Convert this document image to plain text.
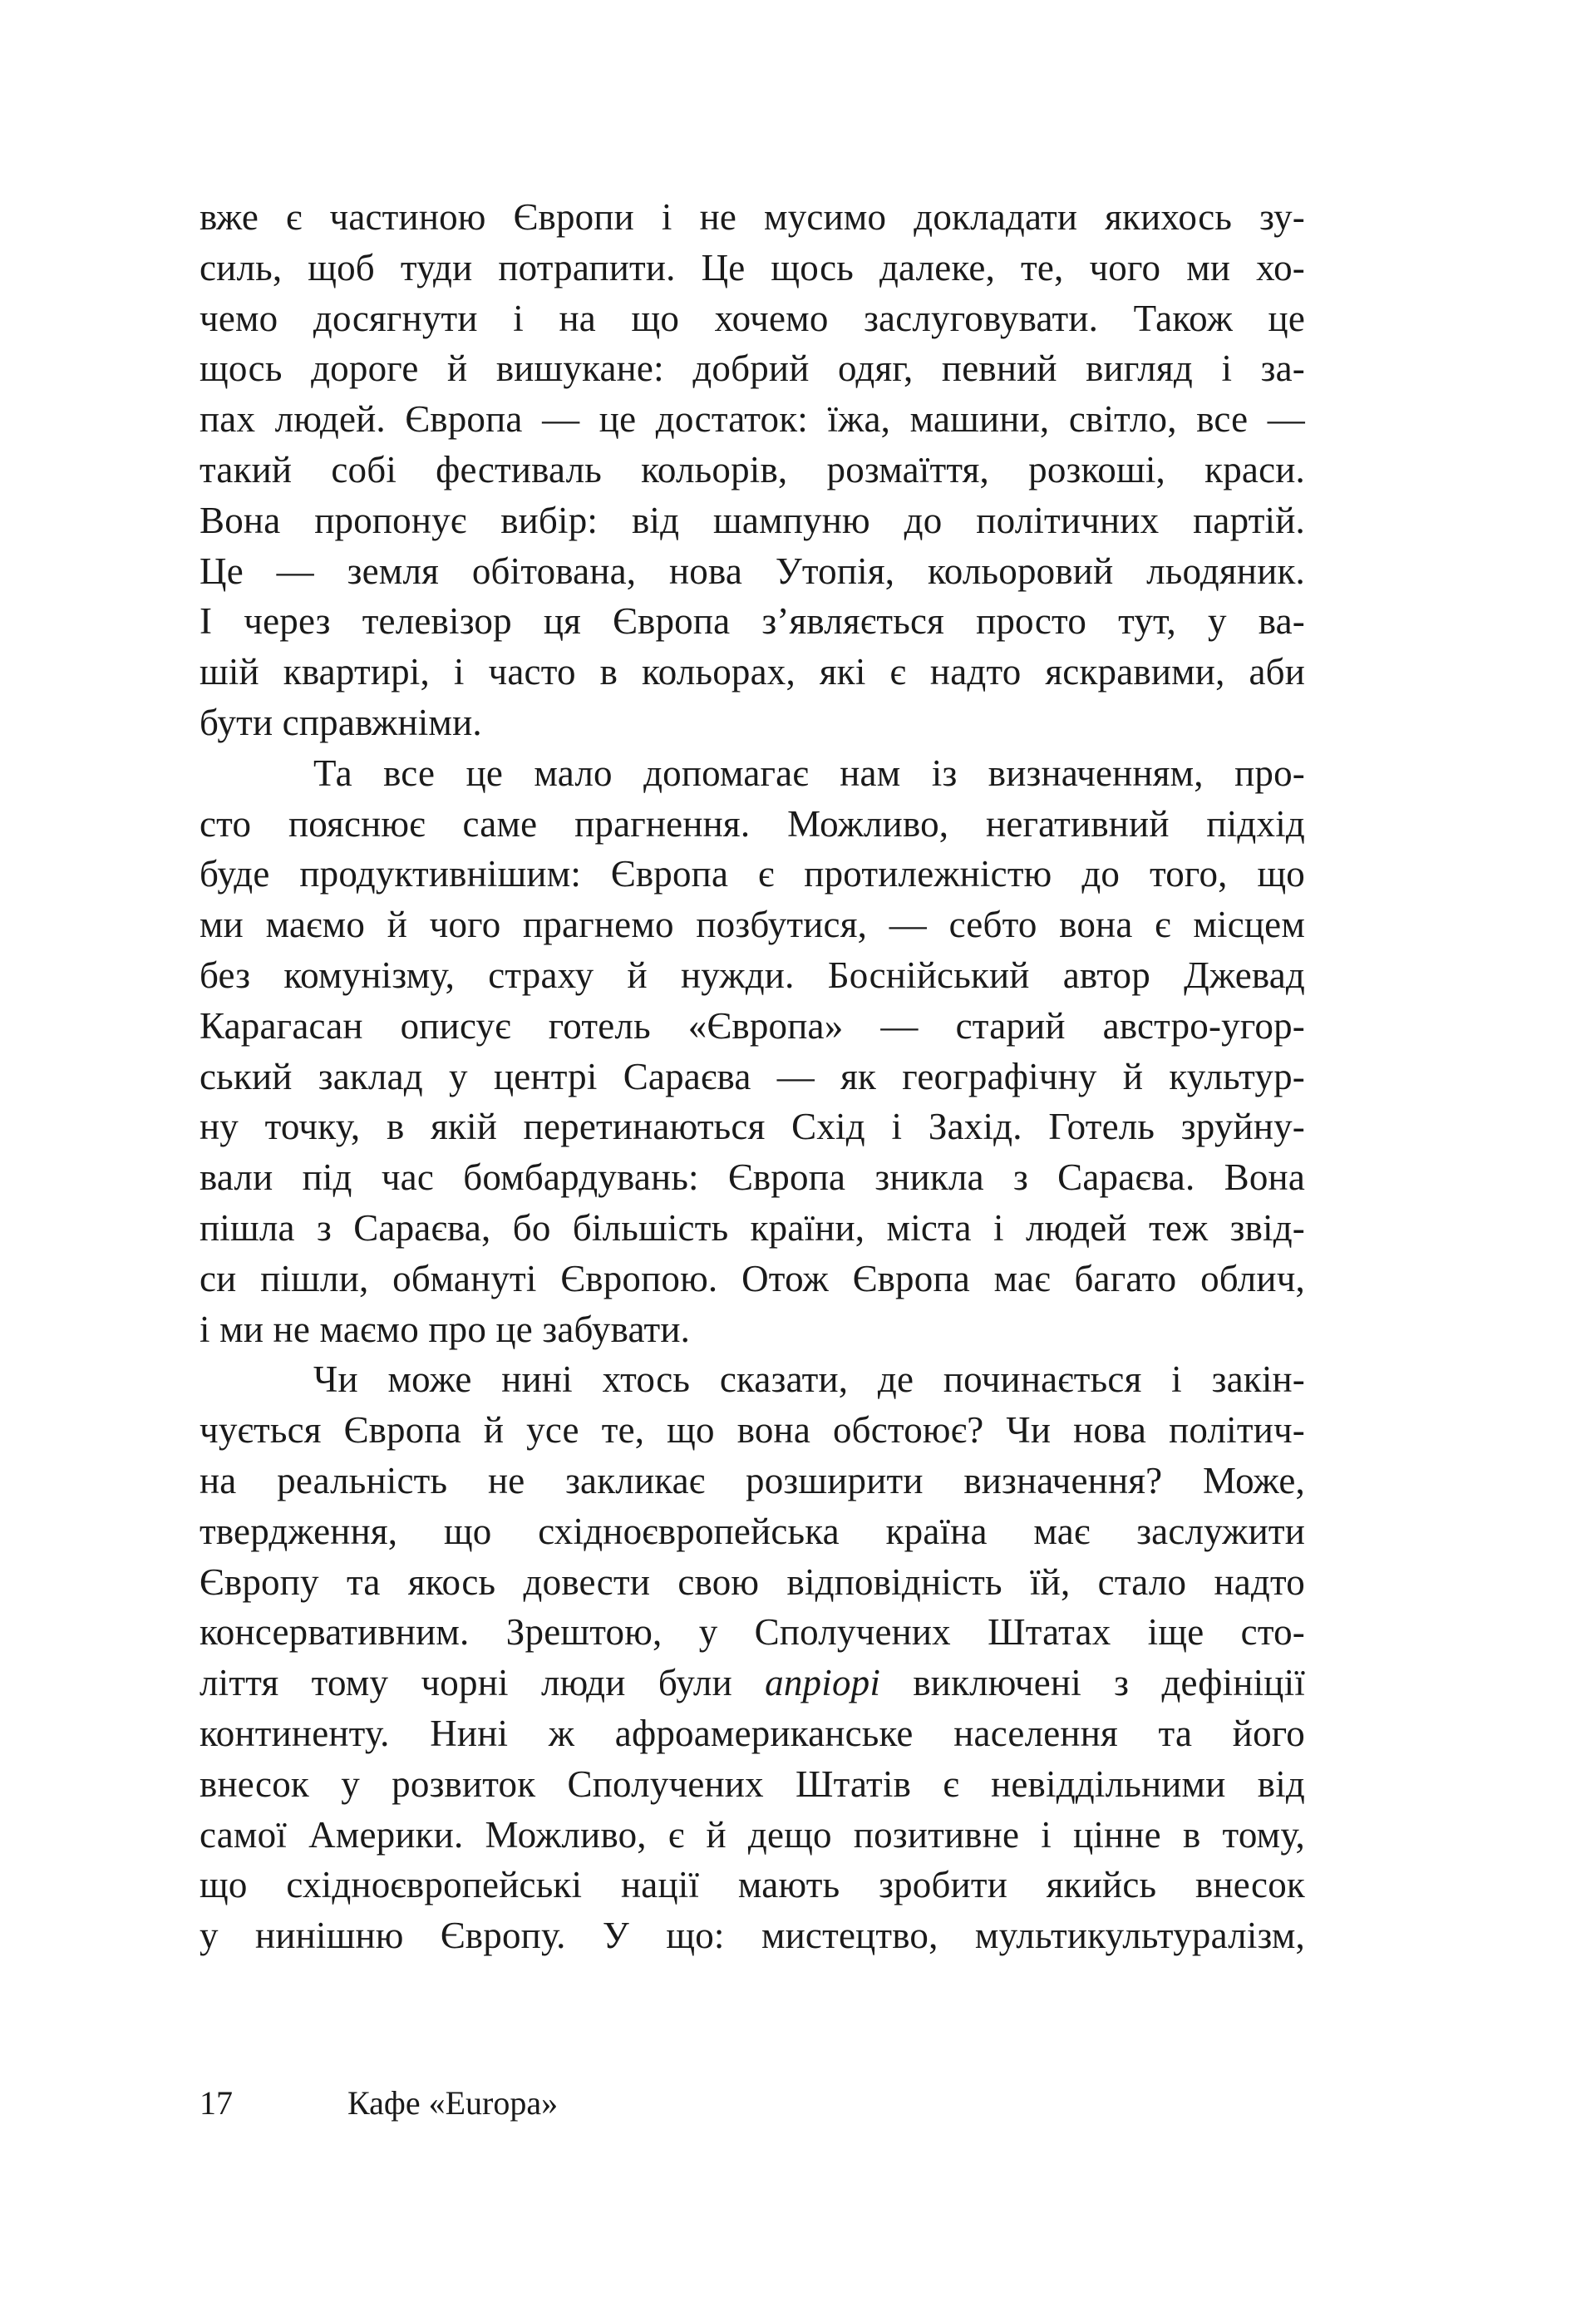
вже є частиною Європи і не мусимо докладати якихось зу-
силь, щоб туди потрапити. Це щось далеке, те, чого ми хо-
чемо досягнути і на що хочемо заслуговувати. Також це
щось дороге й вишукане: добрий одяг, певний вигляд і за-
пах людей. Європа — це достаток: їжа, машини, світло, все —
такий собі фестиваль кольорів, розмаїття, розкоші, краси.
Вона пропонує вибір: від шампуню до політичних партій.
Це — земля обітована, нова Утопія, кольоровий льодяник.
І через телевізор ця Європа з’являється просто тут, у ва-
шій квартирі, і часто в кольорах, які є надто яскравими, аби
бути справжніми.
Та все це мало допомагає нам із визначенням, про-
сто пояснює саме прагнення. Можливо, негативний підхід
буде продуктивнішим: Європа є протилежністю до того, що
ми маємо й чого прагнемо позбутися, — себто вона є місцем
без комунізму, страху й нужди. Боснійський автор Джевад
Карагасан описує готель «Європа» — старий австро-угор-
ський заклад у центрі Сараєва — як географічну й культур-
ну точку, в якій перетинаються Схід і Захід. Готель зруйну-
вали під час бомбардувань: Європа зникла з Сараєва. Вона
пішла з Сараєва, бо більшість країни, міста і людей теж звід-
си пішли, обмануті Європою. Отож Європа має багато облич,
і ми не маємо про це забувати.
Чи може нині хтось сказати, де починається і закін-
чується Європа й усе те, що вона обстоює? Чи нова політич-
на реальність не закликає розширити визначення? Може,
твердження, що східноєвропейська країна має заслужити
Європу та якось довести свою відповідність їй, стало надто
консервативним. Зрештою, у Сполучених Штатах іще сто-
ліття тому чорні люди були апріорі виключені з дефініції
континенту. Нині ж афроамериканське населення та його
внесок у розвиток Сполучених Штатів є невіддільними від
самої Америки. Можливо, є й дещо позитивне і цінне в тому,
що східноєвропейські нації мають зробити якийсь внесок
у нинішню Європу. У що: мистецтво, мультикультуралізм,
17	Кафе «Europa»
